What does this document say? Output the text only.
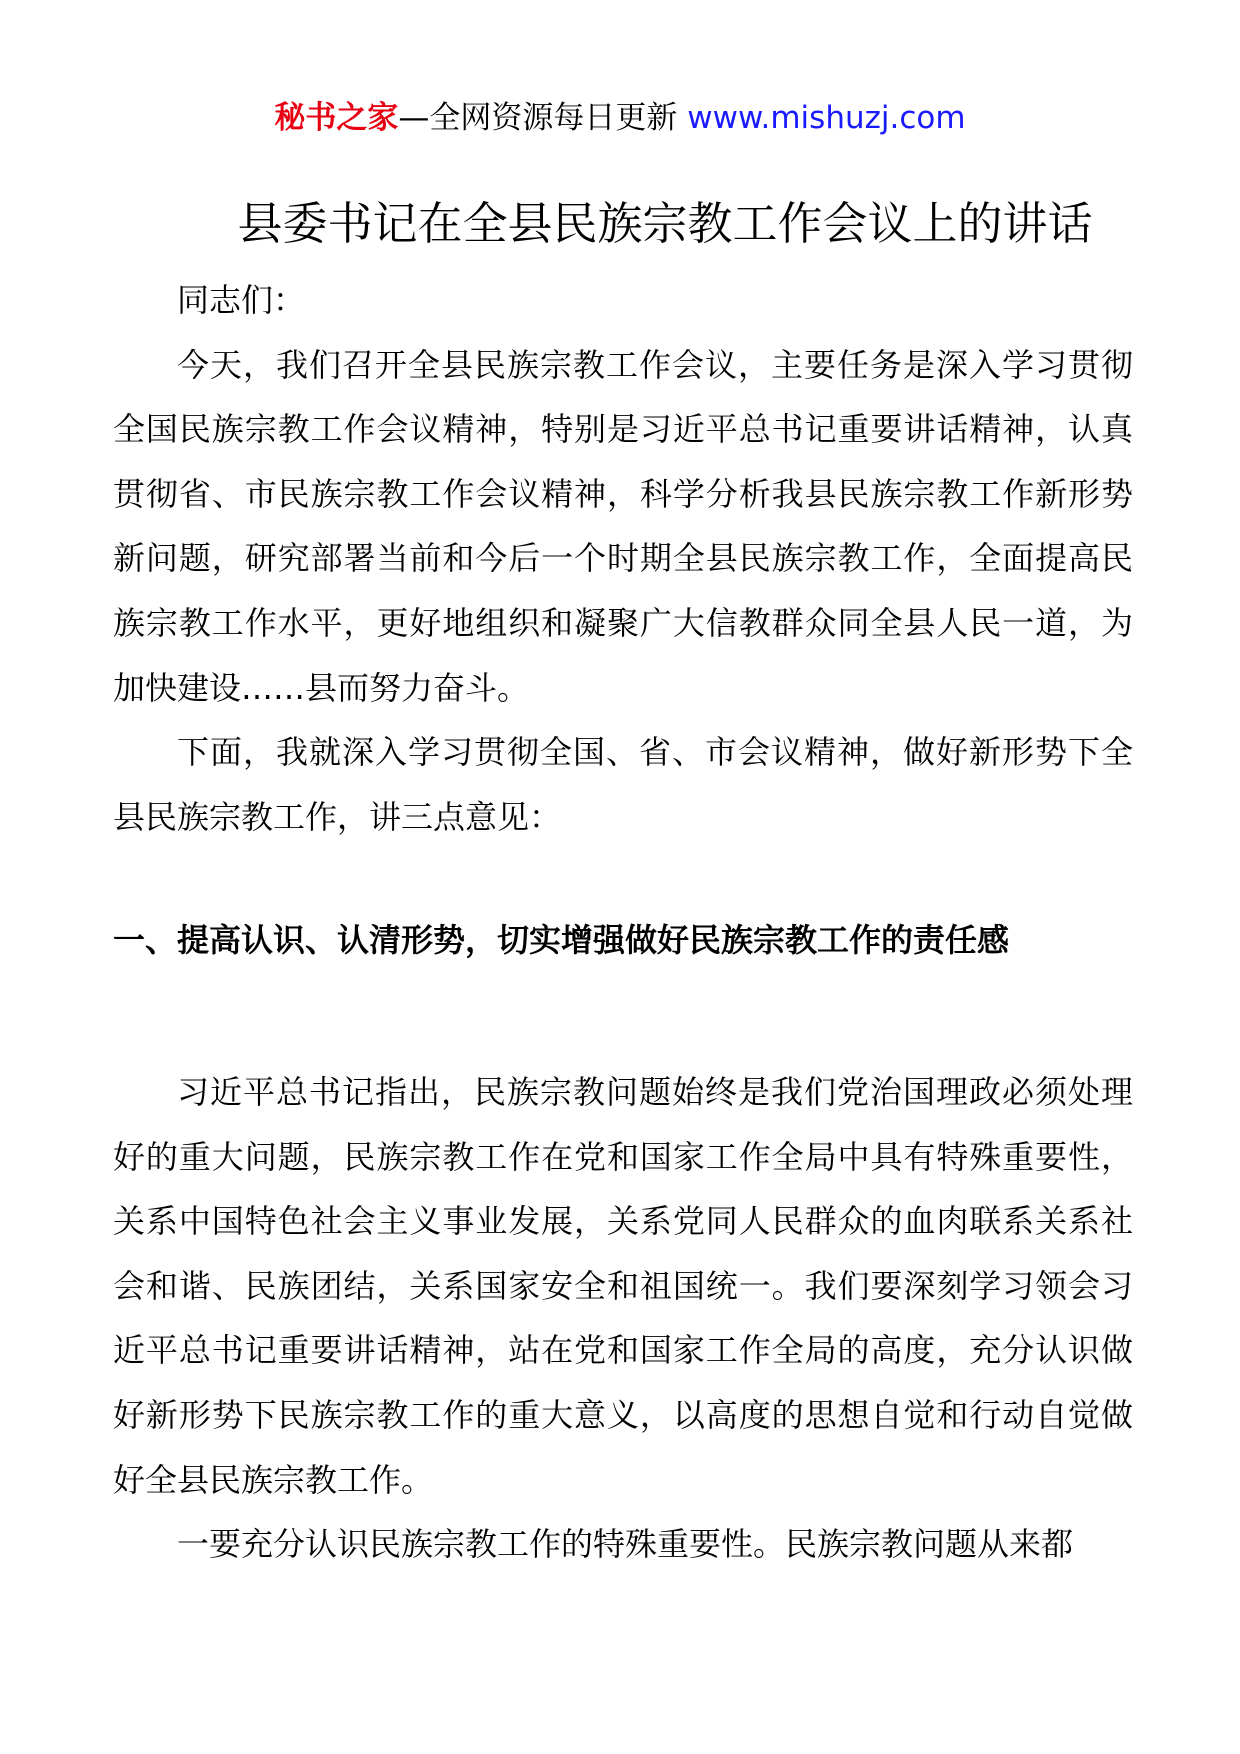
秘书之家—全网资源每日更新 www.mishuzj.com
县委书记在全县民族宗教工作会议上的讲话

同志们：

今天，我们召开全县民族宗教工作会议，主要任务是深入学习贯彻全国民族宗教工作会议精神，特别是习近平总书记重要讲话精神，认真贯彻省、市民族宗教工作会议精神，科学分析我县民族宗教工作新形势新问题，研究部署当前和今后一个时期全县民族宗教工作，全面提高民族宗教工作水平，更好地组织和凝聚广大信教群众同全县人民一道，为加快建设……县而努力奋斗。

下面，我就深入学习贯彻全国、省、市会议精神，做好新形势下全县民族宗教工作，讲三点意见：

一、提高认识、认清形势，切实增强做好民族宗教工作的责任感

习近平总书记指出，民族宗教问题始终是我们党治国理政必须处理好的重大问题，民族宗教工作在党和国家工作全局中具有特殊重要性，关系中国特色社会主义事业发展，关系党同人民群众的血肉联系关系社会和谐、民族团结，关系国家安全和祖国统一。我们要深刻学习领会习近平总书记重要讲话精神，站在党和国家工作全局的高度，充分认识做好新形势下民族宗教工作的重大意义，以高度的思想自觉和行动自觉做好全县民族宗教工作。

一要充分认识民族宗教工作的特殊重要性。民族宗教问题从来都
